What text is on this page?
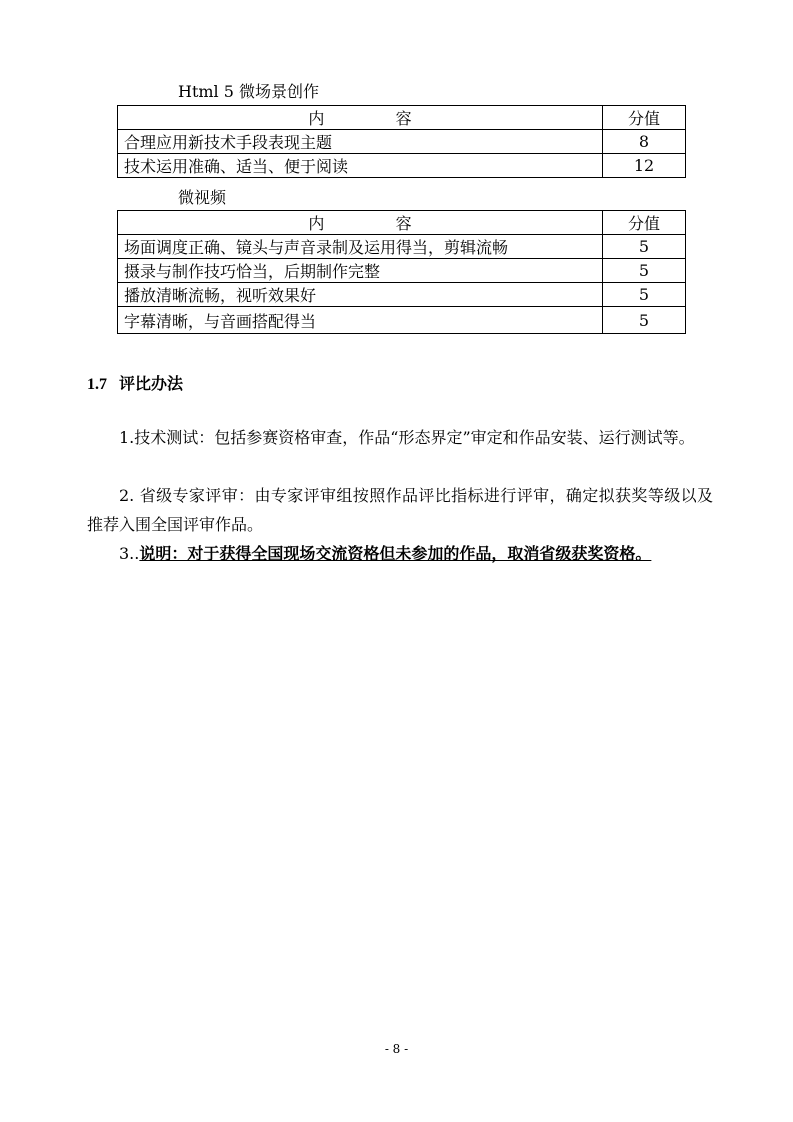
Html 5 微场景创作
内              容	分值
合理应用新技术手段表现主题	8
技术运用准确、适当、便于阅读	12
微视频
内              容	分值
场面调度正确、镜头与声音录制及运用得当，剪辑流畅	5
摄录与制作技巧恰当，后期制作完整	5
播放清晰流畅，视听效果好	5
字幕清晰，与音画搭配得当	5
1.7 评比办法
1.技术测试：包括参赛资格审查，作品“形态界定”审定和作品安装、运行测试等。
2. 省级专家评审：由专家评审组按照作品评比指标进行评审，确定拟获奖等级以及推荐入围全国评审作品。
3..说明：对于获得全国现场交流资格但未参加的作品，取消省级获奖资格。
- 8 -
